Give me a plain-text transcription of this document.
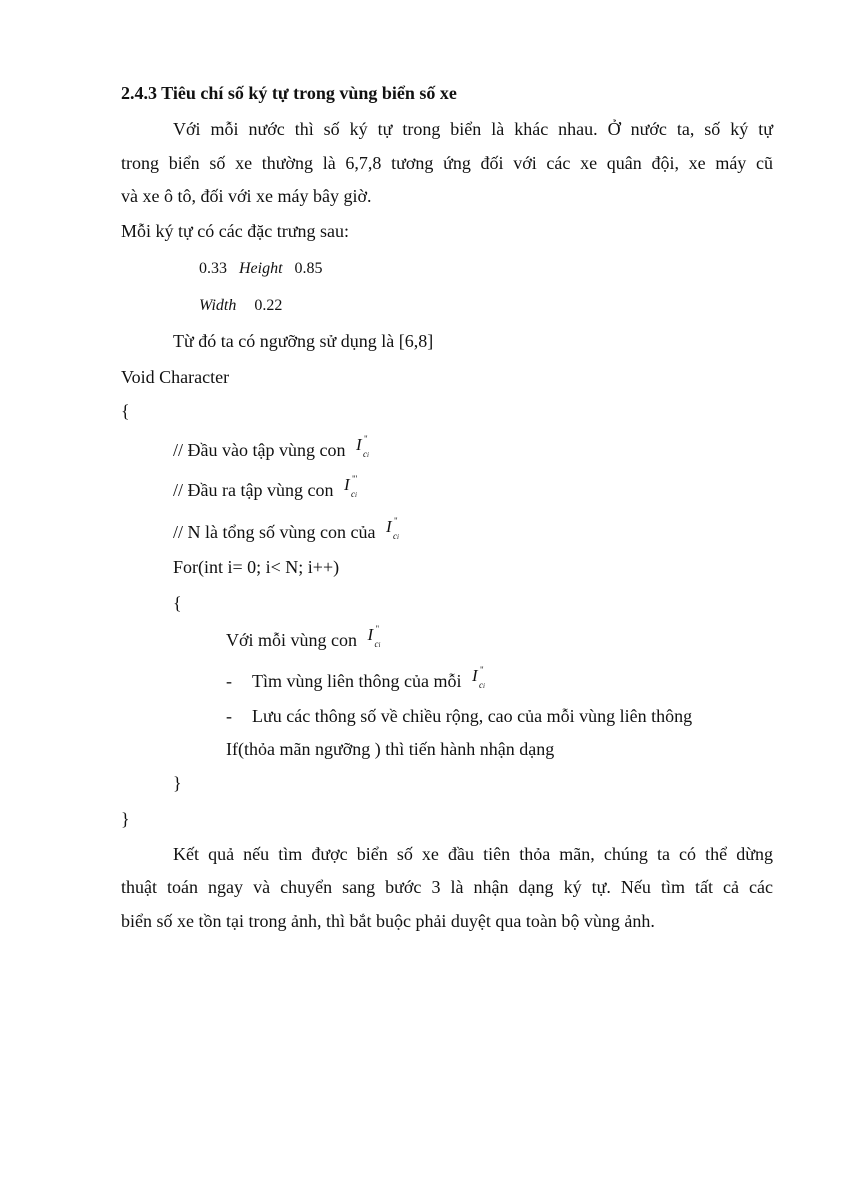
2.4.3 Tiêu chí số ký tự trong vùng biển số xe
Với mỗi nước thì số ký tự trong biển là khác nhau. Ở nước ta, số ký tự
trong biển số xe thường là 6,7,8 tương ứng đối với các xe quân đội, xe máy cũ
và xe ô tô, đối với xe máy bây giờ.
Mỗi ký tự có các đặc trưng sau:
0.33 Height 0.85
Width 0.22
Từ đó ta có ngưỡng sử dụng là [6,8]
Void Character
{
// Đầu vào tập vùng con I "
ci
// Đầu ra tập vùng con I "'
ci
// N là tổng số vùng con của I "
ci
For(int i= 0; i< N; i++)
{
Với mỗi vùng con I "
ci
- Tìm vùng liên thông của mỗi I "
ci
- Lưu các thông số về chiều rộng, cao của mỗi vùng liên thông
If(thỏa mãn ngưỡng ) thì tiến hành nhận dạng
}
}
Kết quả nếu tìm được biển số xe đầu tiên thỏa mãn, chúng ta có thể dừng
thuật toán ngay và chuyển sang bước 3 là nhận dạng ký tự. Nếu tìm tất cả các
biển số xe tồn tại trong ảnh, thì bắt buộc phải duyệt qua toàn bộ vùng ảnh.
